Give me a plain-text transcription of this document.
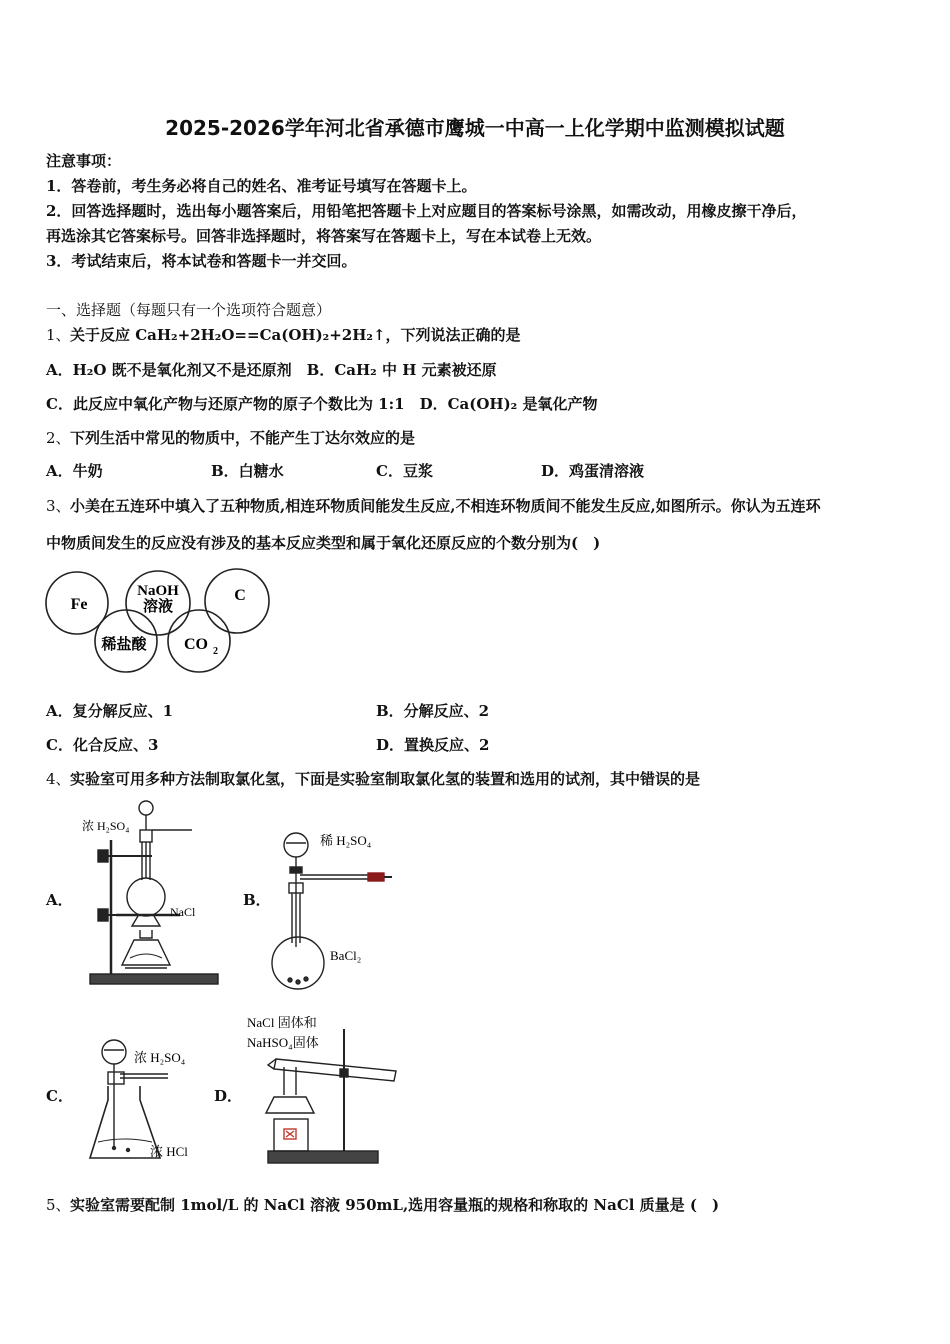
2025-2026学年河北省承德市鹰城一中高一上化学期中监测模拟试题
注意事项：
1．答卷前，考生务必将自己的姓名、准考证号填写在答题卡上。
2．回答选择题时，选出每小题答案后，用铅笔把答题卡上对应题目的答案标号涂黑，如需改动，用橡皮擦干净后，
再选涂其它答案标号。回答非选择题时，将答案写在答题卡上，写在本试卷上无效。
3．考试结束后，将本试卷和答题卡一并交回。
一、选择题（每题只有一个选项符合题意）
1、 关于反应 CaH₂+2H₂O==Ca(OH)₂+2H₂↑，下列说法正确的是
A．H₂O 既不是氧化剂又不是还原剂　B．CaH₂ 中 H 元素被还原
C．此反应中氧化产物与还原产物的原子个数比为 1:1　D．Ca(OH)₂ 是氧化产物
2、 下列生活中常见的物质中，不能产生丁达尔效应的是
A．牛奶	B．白糖水	C．豆浆	D．鸡蛋清溶液
3、 小美在五连环中填入了五种物质,相连环物质间能发生反应,不相连环物质间不能发生反应,如图所示。你认为五连环
中物质间发生的反应没有涉及的基本反应类型和属于氧化还原反应的个数分别为(　)
Fe
NaOH
溶液
C
稀盐酸 CO 2
A．复分解反应、1	B．分解反应、2
C．化合反应、3	D．置换反应、2
4、 实验室可用多种方法制取氯化氢，下面是实验室制取氯化氢的装置和选用的试剂，其中错误的是
A．	B．
C．	D．
浓 H₂SO₄
NaCl
稀 H₂SO₄
BaCl₂
浓 H₂SO₄
浓 HCl
NaCl 固体和
NaHSO₄固体
5、 实验室需要配制 1mol/L 的 NaCl 溶液 950mL,选用容量瓶的规格和称取的 NaCl 质量是 (　)
